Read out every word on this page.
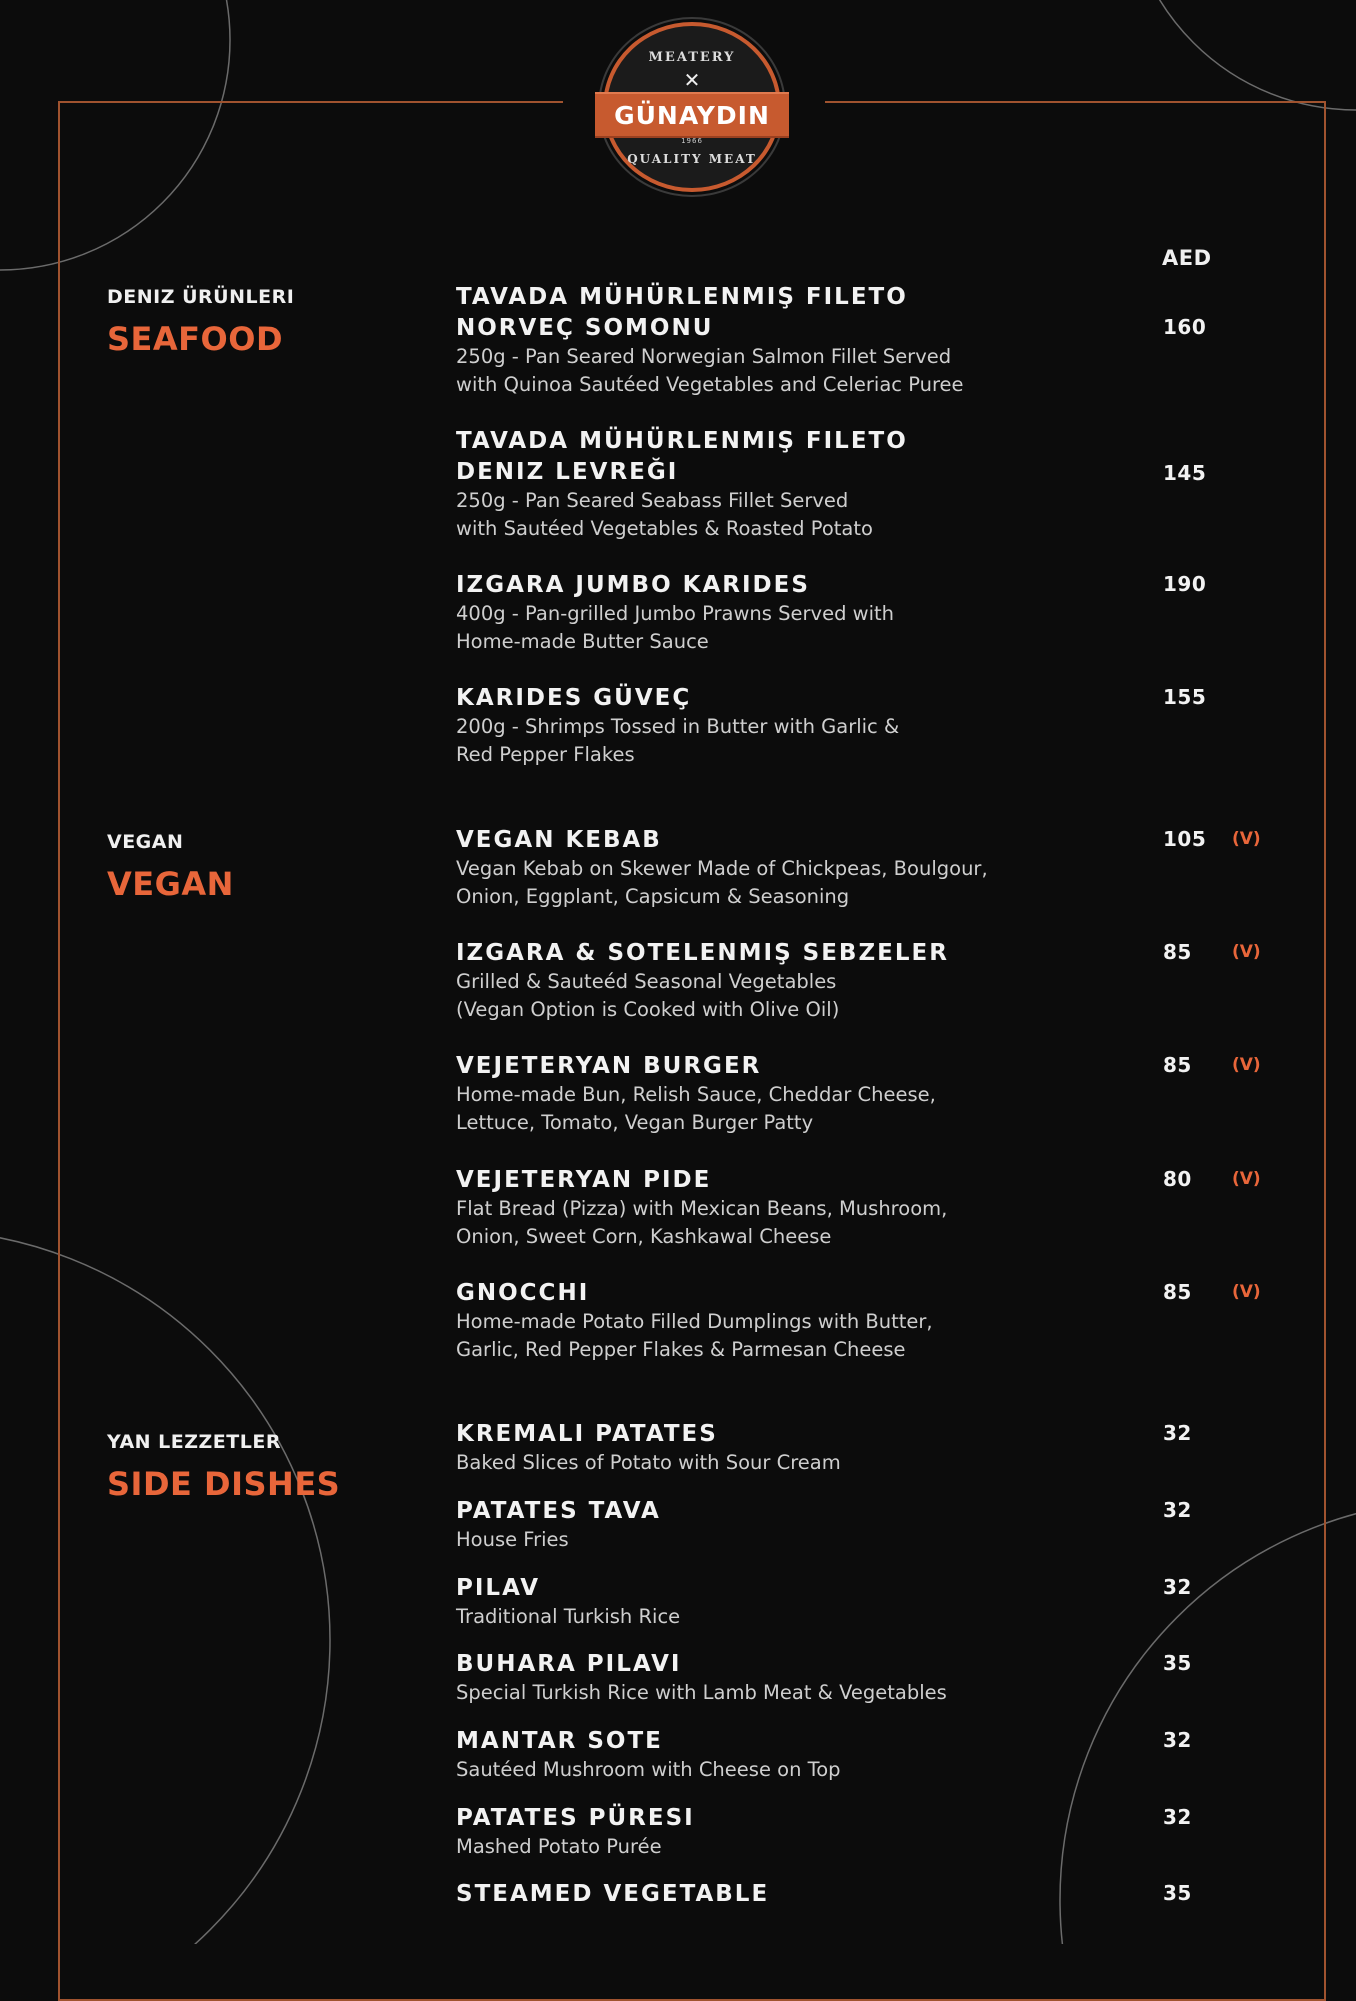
MEATERY
✕
GÜNAYDIN
1966
QUALITY MEAT
AED
DENIZ ÜRÜNLERI
SEAFOOD
VEGAN
VEGAN
YAN LEZZETLER
SIDE DISHES
TAVADA MÜHÜRLENMIŞ FILETO
NORVEÇ SOMONU
250g - Pan Seared Norwegian Salmon Fillet Served
with Quinoa Sautéed Vegetables and Celeriac Puree
160
TAVADA MÜHÜRLENMIŞ FILETO
DENIZ LEVREĞI
250g - Pan Seared Seabass Fillet Served
with Sautéed Vegetables & Roasted Potato
145
IZGARA JUMBO KARIDES
400g - Pan-grilled Jumbo Prawns Served with
Home-made Butter Sauce
190
KARIDES GÜVEÇ
200g - Shrimps Tossed in Butter with Garlic &
Red Pepper Flakes
155
VEGAN KEBAB
Vegan Kebab on Skewer Made of Chickpeas, Boulgour,
Onion, Eggplant, Capsicum & Seasoning
105 (V)
IZGARA & SOTELENMIŞ SEBZELER
Grilled & Sauteéd Seasonal Vegetables
(Vegan Option is Cooked with Olive Oil)
85 (V)
VEJETERYAN BURGER
Home-made Bun, Relish Sauce, Cheddar Cheese,
Lettuce, Tomato, Vegan Burger Patty
85 (V)
VEJETERYAN PIDE
Flat Bread (Pizza) with Mexican Beans, Mushroom,
Onion, Sweet Corn, Kashkawal Cheese
80 (V)
GNOCCHI
Home-made Potato Filled Dumplings with Butter,
Garlic, Red Pepper Flakes & Parmesan Cheese
85 (V)
KREMALI PATATES
Baked Slices of Potato with Sour Cream
32
PATATES TAVA
House Fries
32
PILAV
Traditional Turkish Rice
32
BUHARA PILAVI
Special Turkish Rice with Lamb Meat & Vegetables
35
MANTAR SOTE
Sautéed Mushroom with Cheese on Top
32
PATATES PÜRESI
Mashed Potato Purée
32
STEAMED VEGETABLE	35
